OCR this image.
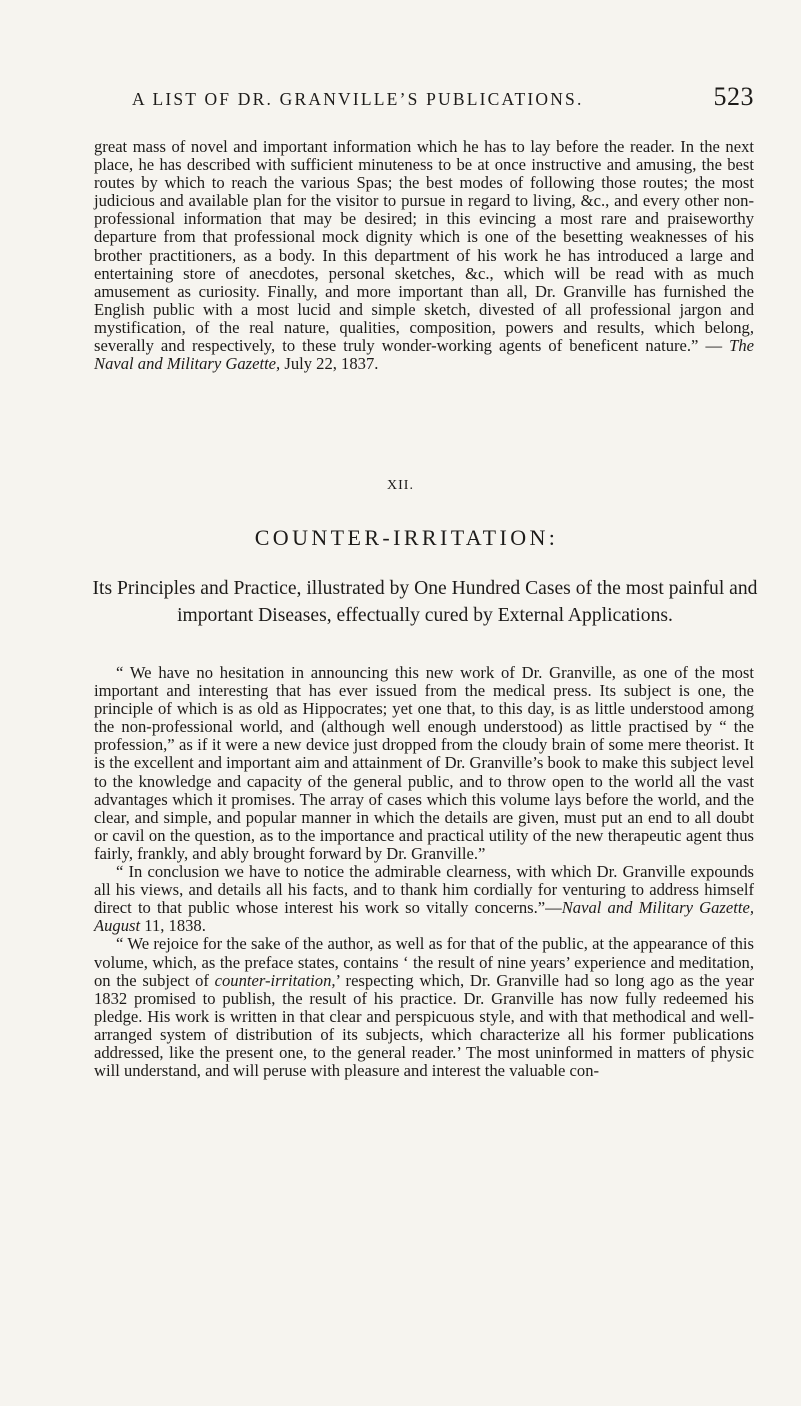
A LIST OF DR. GRANVILLE’S PUBLICATIONS.	523

great mass of novel and important information which he has to lay before the reader. In the next place, he has described with sufficient minuteness to be at once instructive and amusing, the best routes by which to reach the various Spas; the best modes of following those routes; the most judicious and available plan for the visitor to pursue in regard to living, &c., and every other non-professional information that may be desired; in this evincing a most rare and praiseworthy departure from that professional mock dignity which is one of the besetting weaknesses of his brother practitioners, as a body. In this department of his work he has introduced a large and entertaining store of anecdotes, personal sketches, &c., which will be read with as much amusement as curiosity. Finally, and more important than all, Dr. Granville has furnished the English public with a most lucid and simple sketch, divested of all professional jargon and mystification, of the real nature, qualities, composition, powers and results, which belong, severally and respectively, to these truly wonder-working agents of beneficent nature.” — The Naval and Military Gazette, July 22, 1837.

XII.
COUNTER-IRRITATION:

Its Principles and Practice, illustrated by One Hundred Cases of the most painful and important Diseases, effectually cured by External Applications.

“ We have no hesitation in announcing this new work of Dr. Granville, as one of the most important and interesting that has ever issued from the medical press. Its subject is one, the principle of which is as old as Hippocrates; yet one that, to this day, is as little understood among the non-professional world, and (although well enough understood) as little practised by “ the profession,” as if it were a new device just dropped from the cloudy brain of some mere theorist. It is the excellent and important aim and attainment of Dr. Granville’s book to make this subject level to the knowledge and capacity of the general public, and to throw open to the world all the vast advantages which it promises. The array of cases which this volume lays before the world, and the clear, and simple, and popular manner in which the details are given, must put an end to all doubt or cavil on the question, as to the importance and practical utility of the new therapeutic agent thus fairly, frankly, and ably brought forward by Dr. Granville.”

“ In conclusion we have to notice the admirable clearness, with which Dr. Granville expounds all his views, and details all his facts, and to thank him cordially for venturing to address himself direct to that public whose interest his work so vitally concerns.”—Naval and Military Gazette, August 11, 1838.

“ We rejoice for the sake of the author, as well as for that of the public, at the appearance of this volume, which, as the preface states, contains ‘ the result of nine years’ experience and meditation, on the subject of counter-irritation,’ respecting which, Dr. Granville had so long ago as the year 1832 promised to publish, the result of his practice. Dr. Granville has now fully redeemed his pledge. His work is written in that clear and perspicuous style, and with that methodical and well-arranged system of distribution of its subjects, which characterize all his former publications addressed, like the present one, to the general reader.’ The most uninformed in matters of physic will understand, and will peruse with pleasure and interest the valuable con-
